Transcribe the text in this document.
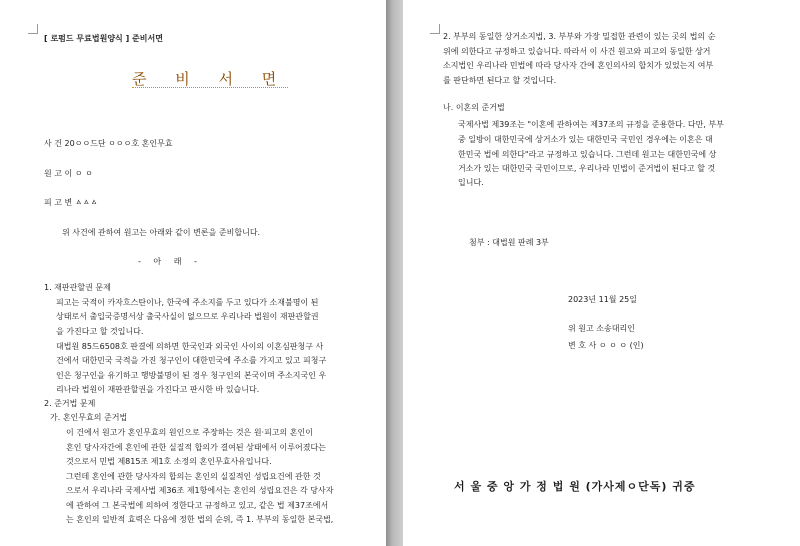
[ 로펌드 무료법원양식 ] 준비서면
준 비 서 면
사 건 20ㅇㅇ드단 ㅇㅇㅇ호 혼인무효
원 고 이 ㅇ ㅇ
피 고 변 ㅿㅿㅿ
위 사건에 관하여 원고는 아래와 같이 변론을 준비합니다.
- 아 래 -
1. 재판관할권 문제
피고는 국적이 카자흐스탄이나, 한국에 주소지를 두고 있다가 소재불명이 된
상태로서 출입국증명서상 출국사실이 없으므로 우리나라 법원이 재판관할권
을 가진다고 할 것입니다.
대법원 85드6508호 판결에 의하면 한국인과 외국인 사이의 이혼심판청구 사
건에서 대한민국 국적을 가진 청구인이 대한민국에 주소를 가지고 있고 피청구
인은 청구인을 유기하고 행방불명이 된 경우 청구인의 본국이며 주소지국인 우
리나라 법원이 재판관할권을 가진다고 판시한 바 있습니다.
2. 준거법 문제
가. 혼인무효의 준거법
이 건에서 원고가 혼인무효의 원인으로 주장하는 것은 원·피고의 혼인이
혼인 당사자간에 혼인에 관한 실질적 합의가 결여된 상태에서 이루어졌다는
것으로서 민법 제815조 제1호 소정의 혼인무효사유입니다.
그런데 혼인에 관한 당사자의 합의는 혼인의 실질적인 성립요건에 관한 것
으로서 우리나라 국제사법 제36조 제1항에서는 혼인의 성립요건은 각 당사자
에 관하여 그 본국법에 의하여 정한다고 규정하고 있고, 같은 법 제37조에서
는 혼인의 일반적 효력은 다음에 정한 법의 순위, 즉 1. 부부의 동일한 본국법,
2. 부부의 동일한 상거소지법, 3. 부부와 가장 밀접한 관련이 있는 곳의 법의 순
위에 의한다고 규정하고 있습니다. 따라서 이 사건 원고와 피고의 동일한 상거
소지법인 우리나라 민법에 따라 당사자 간에 혼인의사의 합치가 있었는지 여부
를 판단하면 된다고 할 것입니다.
나. 이혼의 준거법
국제사법 제39조는 "이혼에 관하여는 제37조의 규정을 준용한다. 다만, 부부
중 일방이 대한민국에 상거소가 있는 대한민국 국민인 경우에는 이혼은 대
한민국 법에 의한다"라고 규정하고 있습니다. 그런데 원고는 대한민국에 상
거소가 있는 대한민국 국민이므로, 우리나라 민법이 준거법이 된다고 할 것
입니다.
첨부 : 대법원 판례 3부
2023년 11월 25일
위 원고 소송대리인
변 호 사 ㅇ ㅇ ㅇ (인)
서 울 중 앙 가 정 법 원 (가사제ㅇ단독) 귀중
